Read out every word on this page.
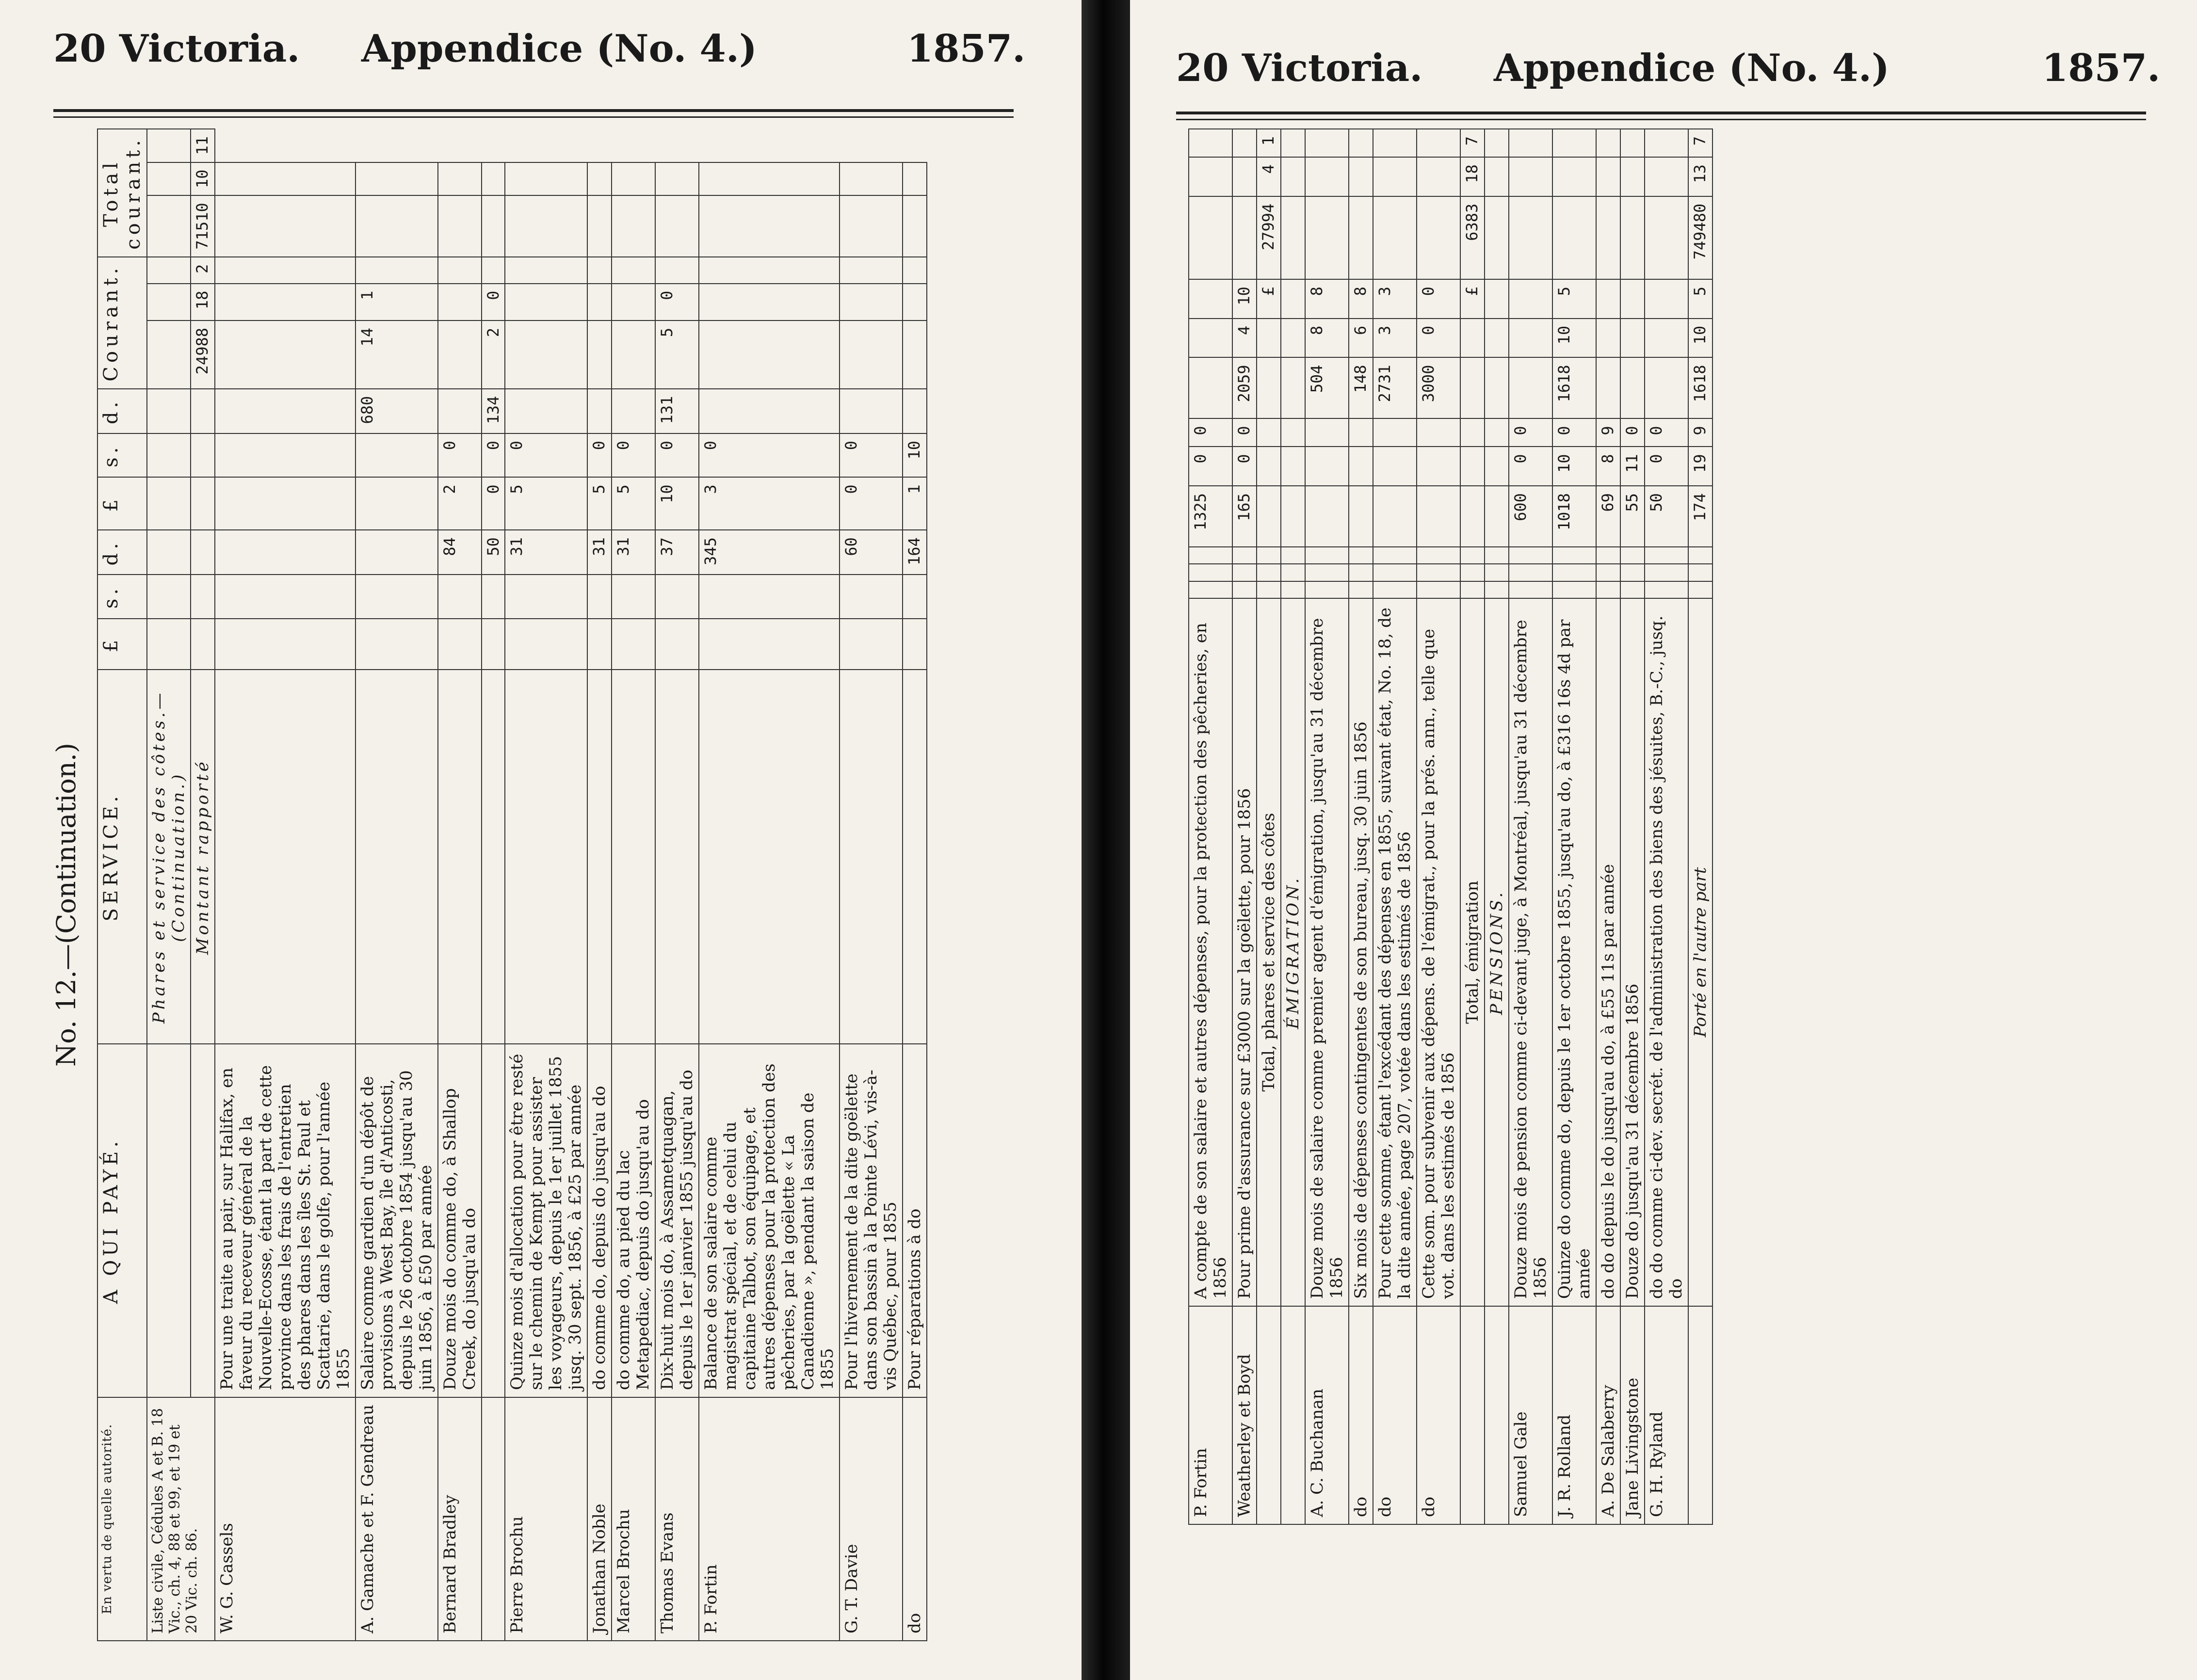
20 Victoria. Appendice (No. 4.)	1857.
No. 12.—(Continuation.)
En vertu de quelle autorité.	A QUI PAYÉ.	SERVICE.	£	s.	d.	£	s.	d.	Courant.			Total courant.		
Liste civile, Cédules A et B. 18 Vic., ch. 4, 88 et 99, et 19 et 20 Vic. ch. 86.		Phares et service des côtes.—(Continuation.)												
		Montant rapporté							24988	18	2	71510	10	11
W. G. Cassels	Pour une traite au pair, sur Halifax, en faveur du receveur général de la Nouvelle-Ecosse, étant la part de cette province dans les frais de l'entretien des phares dans les îles St. Paul et Scattarie, dans le golfe, pour l'année 1855													
A. Gamache et F. Gendreau	Salaire comme gardien d'un dépôt de provisions à West Bay, île d'Anticosti, depuis le 26 octobre 1854 jusqu'au 30 juin 1856, à £50 par année							680	14	1				
Bernard Bradley	Douze mois do comme do, à Shallop Creek, do jusqu'au do				84	2	0							
					50	0	0	134	2	0				
Pierre Brochu	Quinze mois d'allocation pour être resté sur le chemin de Kempt pour assister les voyageurs, depuis le 1er juillet 1855 jusq. 30 sept. 1856, à £25 par année				31	5	0							
Jonathan Noble	do comme do, depuis do jusqu'au do				31	5	0							
Marcel Brochu	do comme do, au pied du lac Metapediac, depuis do jusqu'au do				31	5	0							
Thomas Evans	Dix-huit mois do, à Assametquagan, depuis le 1er janvier 1855 jusqu'au do				37	10	0	131	5	0				
P. Fortin	Balance de son salaire comme magistrat spécial, et de celui du capitaine Talbot, son équipage, et autres dépenses pour la protection des pêcheries, par la goëlette « La Canadienne », pendant la saison de 1855				345	3	0							
G. T. Davie	Pour l'hivernement de la dite goëlette dans son bassin à la Pointe Lévi, vis-à-vis Québec, pour 1855				60	0	0							
do	Pour réparations à do				164	1	10							
20 Victoria. Appendice (No. 4.)	1857.
P. Fortin	A compte de son salaire et autres dépenses, pour la protection des pêcheries, en 1856				1325	0	0						
Weatherley et Boyd	Pour prime d'assurance sur £3000 sur la goëlette, pour 1856				165	0	0	2059	4	10			
	Total, phares et service des côtes									£	27994	4	1
	ÉMIGRATION.												
A. C. Buchanan	Douze mois de salaire comme premier agent d'émigration, jusqu'au 31 décembre 1856							504	8	8			
do	Six mois de dépenses contingentes de son bureau, jusq. 30 juin 1856							148	6	8			
do	Pour cette somme, étant l'excédant des dépenses en 1855, suivant état, No. 18, de la dite année, page 207, votée dans les estimés de 1856							2731	3	3			
do	Cette som. pour subvenir aux dépens. de l'émigrat., pour la prés. ann., telle que vot. dans les estimés de 1856							3000	0	0			
	Total, émigration									£	6383	18	7
	PENSIONS.												
Samuel Gale	Douze mois de pension comme ci-devant juge, à Montréal, jusqu'au 31 décembre 1856				600	0	0						
J. R. Rolland	Quinze do comme do, depuis le 1er octobre 1855, jusqu'au do, à £316 16s 4d par année				1018	10	0	1618	10	5			
A. De Salaberry	do do depuis le do jusqu'au do, à £55 11s par année				69	8	9						
Jane Livingstone	Douze do jusqu'au 31 décembre 1856				55	11	0						
G. H. Ryland	do do comme ci-dev. secrét. de l'administration des biens des jésuites, B.-C., jusq. do				50	0	0						
	Porté en l'autre part				174	19	9	1618	10	5	749480	13	7
